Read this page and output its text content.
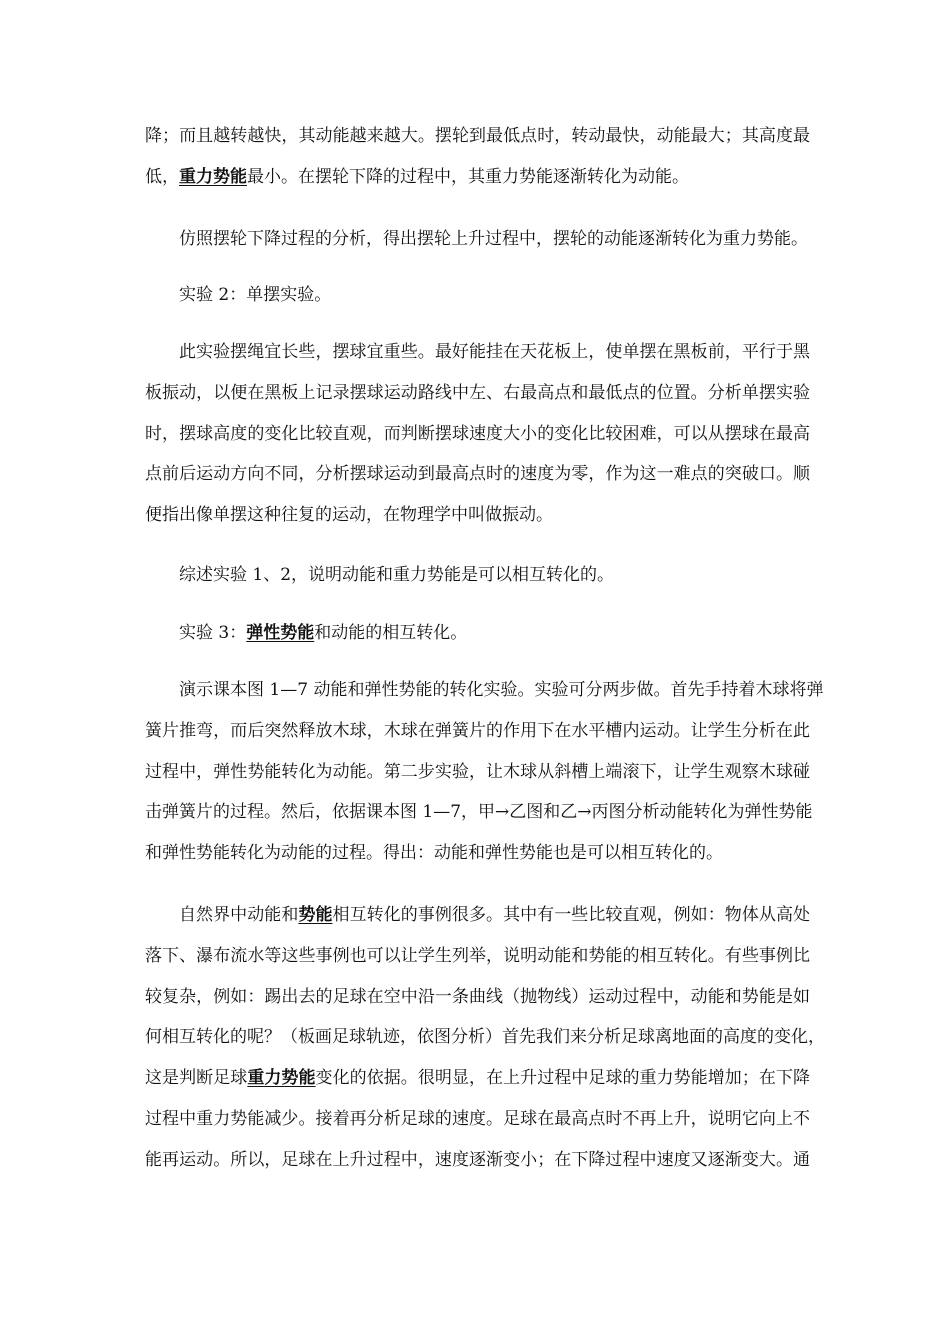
降；而且越转越快，其动能越来越大。摆轮到最低点时，转动最快，动能最大；其高度最
低，重力势能最小。在摆轮下降的过程中，其重力势能逐渐转化为动能。
仿照摆轮下降过程的分析，得出摆轮上升过程中，摆轮的动能逐渐转化为重力势能。
实验 2：单摆实验。
此实验摆绳宜长些，摆球宜重些。最好能挂在天花板上，使单摆在黑板前，平行于黑
板振动，以便在黑板上记录摆球运动路线中左、右最高点和最低点的位置。分析单摆实验
时，摆球高度的变化比较直观，而判断摆球速度大小的变化比较困难，可以从摆球在最高
点前后运动方向不同，分析摆球运动到最高点时的速度为零，作为这一难点的突破口。顺
便指出像单摆这种往复的运动，在物理学中叫做振动。
综述实验 1、2，说明动能和重力势能是可以相互转化的。
实验 3：弹性势能和动能的相互转化。
演示课本图 1—7 动能和弹性势能的转化实验。实验可分两步做。首先手持着木球将弹
簧片推弯，而后突然释放木球，木球在弹簧片的作用下在水平槽内运动。让学生分析在此
过程中，弹性势能转化为动能。第二步实验，让木球从斜槽上端滚下，让学生观察木球碰
击弹簧片的过程。然后，依据课本图 1—7，甲→乙图和乙→丙图分析动能转化为弹性势能
和弹性势能转化为动能的过程。得出：动能和弹性势能也是可以相互转化的。
自然界中动能和势能相互转化的事例很多。其中有一些比较直观，例如：物体从高处
落下、瀑布流水等这些事例也可以让学生列举，说明动能和势能的相互转化。有些事例比
较复杂，例如：踢出去的足球在空中沿一条曲线（抛物线）运动过程中，动能和势能是如
何相互转化的呢？（板画足球轨迹，依图分析）首先我们来分析足球离地面的高度的变化，
这是判断足球重力势能变化的依据。很明显，在上升过程中足球的重力势能增加；在下降
过程中重力势能减少。接着再分析足球的速度。足球在最高点时不再上升，说明它向上不
能再运动。所以，足球在上升过程中，速度逐渐变小；在下降过程中速度又逐渐变大。通
